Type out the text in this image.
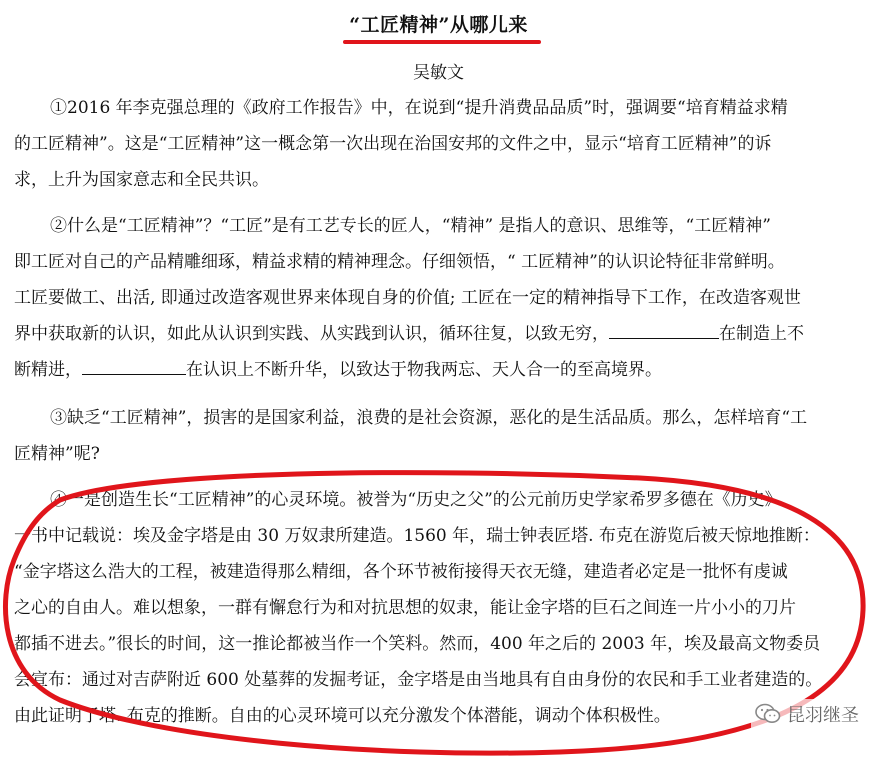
“工匠精神”从哪儿来
吴敏文
①2016 年李克强总理的《政府工作报告》中，在说到“提升消费品品质”时，强调要“培育精益求精
的工匠精神”。这是“工匠精神”这一概念第一次出现在治国安邦的文件之中，显示“培育工匠精神”的诉
求，上升为国家意志和全民共识。
②什么是“工匠精神”？“工匠”是有工艺专长的匠人，“精神” 是指人的意识、思维等，“工匠精神”
即工匠对自己的产品精雕细琢，精益求精的精神理念。仔细领悟，“ 工匠精神”的认识论特征非常鲜明。
工匠要做工、出活, 即通过改造客观世界来体现自身的价值; 工匠在一定的精神指导下工作，在改造客观世
界中获取新的认识，如此从认识到实践、从实践到认识，循环往复，以致无穷，	在制造上不
断精进，	在认识上不断升华，以致达于物我两忘、天人合一的至高境界。
③缺乏“工匠精神”，损害的是国家利益，浪费的是社会资源，恶化的是生活品质。那么，怎样培育“工
匠精神”呢?
④一是创造生长“工匠精神”的心灵环境。被誉为“历史之父”的公元前历史学家希罗多德在《历史》
一书中记载说：埃及金字塔是由 30 万奴隶所建造。1560 年，瑞士钟表匠塔. 布克在游览后被天惊地推断：
“金字塔这么浩大的工程，被建造得那么精细，各个环节被衔接得天衣无缝，建造者必定是一批怀有虔诚
之心的自由人。难以想象，一群有懈怠行为和对抗思想的奴隶，能让金字塔的巨石之间连一片小小的刀片
都插不进去。”很长的时间，这一推论都被当作一个笑料。然而，400 年之后的 2003 年，埃及最高文物委员
会宣布：通过对吉萨附近 600 处墓葬的发掘考证，金字塔是由当地具有自由身份的农民和手工业者建造的。
由此证明了塔. 布克的推断。自由的心灵环境可以充分激发个体潜能，调动个体积极性。	昆羽继圣
